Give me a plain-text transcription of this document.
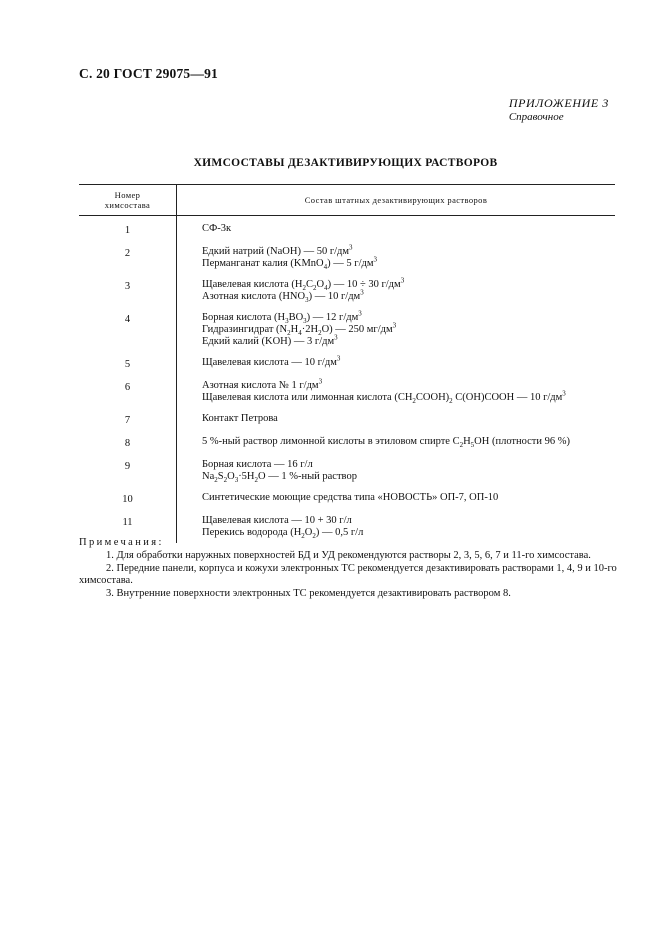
С. 20 ГОСТ 29075—91
ПРИЛОЖЕНИЕ 3
Справочное
ХИМСОСТАВЫ ДЕЗАКТИВИРУЮЩИХ РАСТВОРОВ
Номер
химсостава	Состав штатных дезактивирующих растворов
1	СФ-3к
2	Едкий натрий (NaOH) — 50 $г/дм^3$
Перманганат калия (KMnO$_4$) — 5 $г/дм^3$
3	Щавелевая кислота $(H_2C_2O_4)$ — 10 ÷ 30 $г/дм^3$
Азотная кислота $(HNO_3)$ — 10 $г/дм^3$
4	Борная кислота $(H_3BO_3)$ — 12 $г/дм^3$
Гидразингидрат $(N_2H_4\cdot 2H_2O)$ — 250 $мг/дм^3$
Едкий калий (KOH) — 3 $г/дм^3$
5	Щавелевая кислота — 10 $г/дм^3$
6	Азотная кислота № 1 $г/дм^3$
Щавелевая кислота или лимонная кислота $(CH_2COOH)_2$ C(OH)COOH — 10 $г/дм^3$
7	Контакт Петрова
8	5 %-ный раствор лимонной кислоты в этиловом спирте $C_2H_5OH$ (плотности 96 %)
9	Борная кислота — 16 г/л
$Na_2S_2O_3\cdot 5H_2O$ — 1 %-ный раствор
10	Синтетические моющие средства типа «НОВОСТЬ» ОП-7, ОП-10
11	Щавелевая кислота — 10 + 30 г/л
Перекись водорода $(H_2O_2)$ — 0,5 г/л
Примечания:
1. Для обработки наружных поверхностей БД и УД рекомендуются растворы 2, 3, 5, 6, 7 и 11-го химсостава.
2. Передние панели, корпуса и кожухи электронных ТС рекомендуется дезактивировать растворами 1, 4, 9 и 10-го химсостава.
3. Внутренние поверхности электронных ТС рекомендуется дезактивировать раствором 8.
